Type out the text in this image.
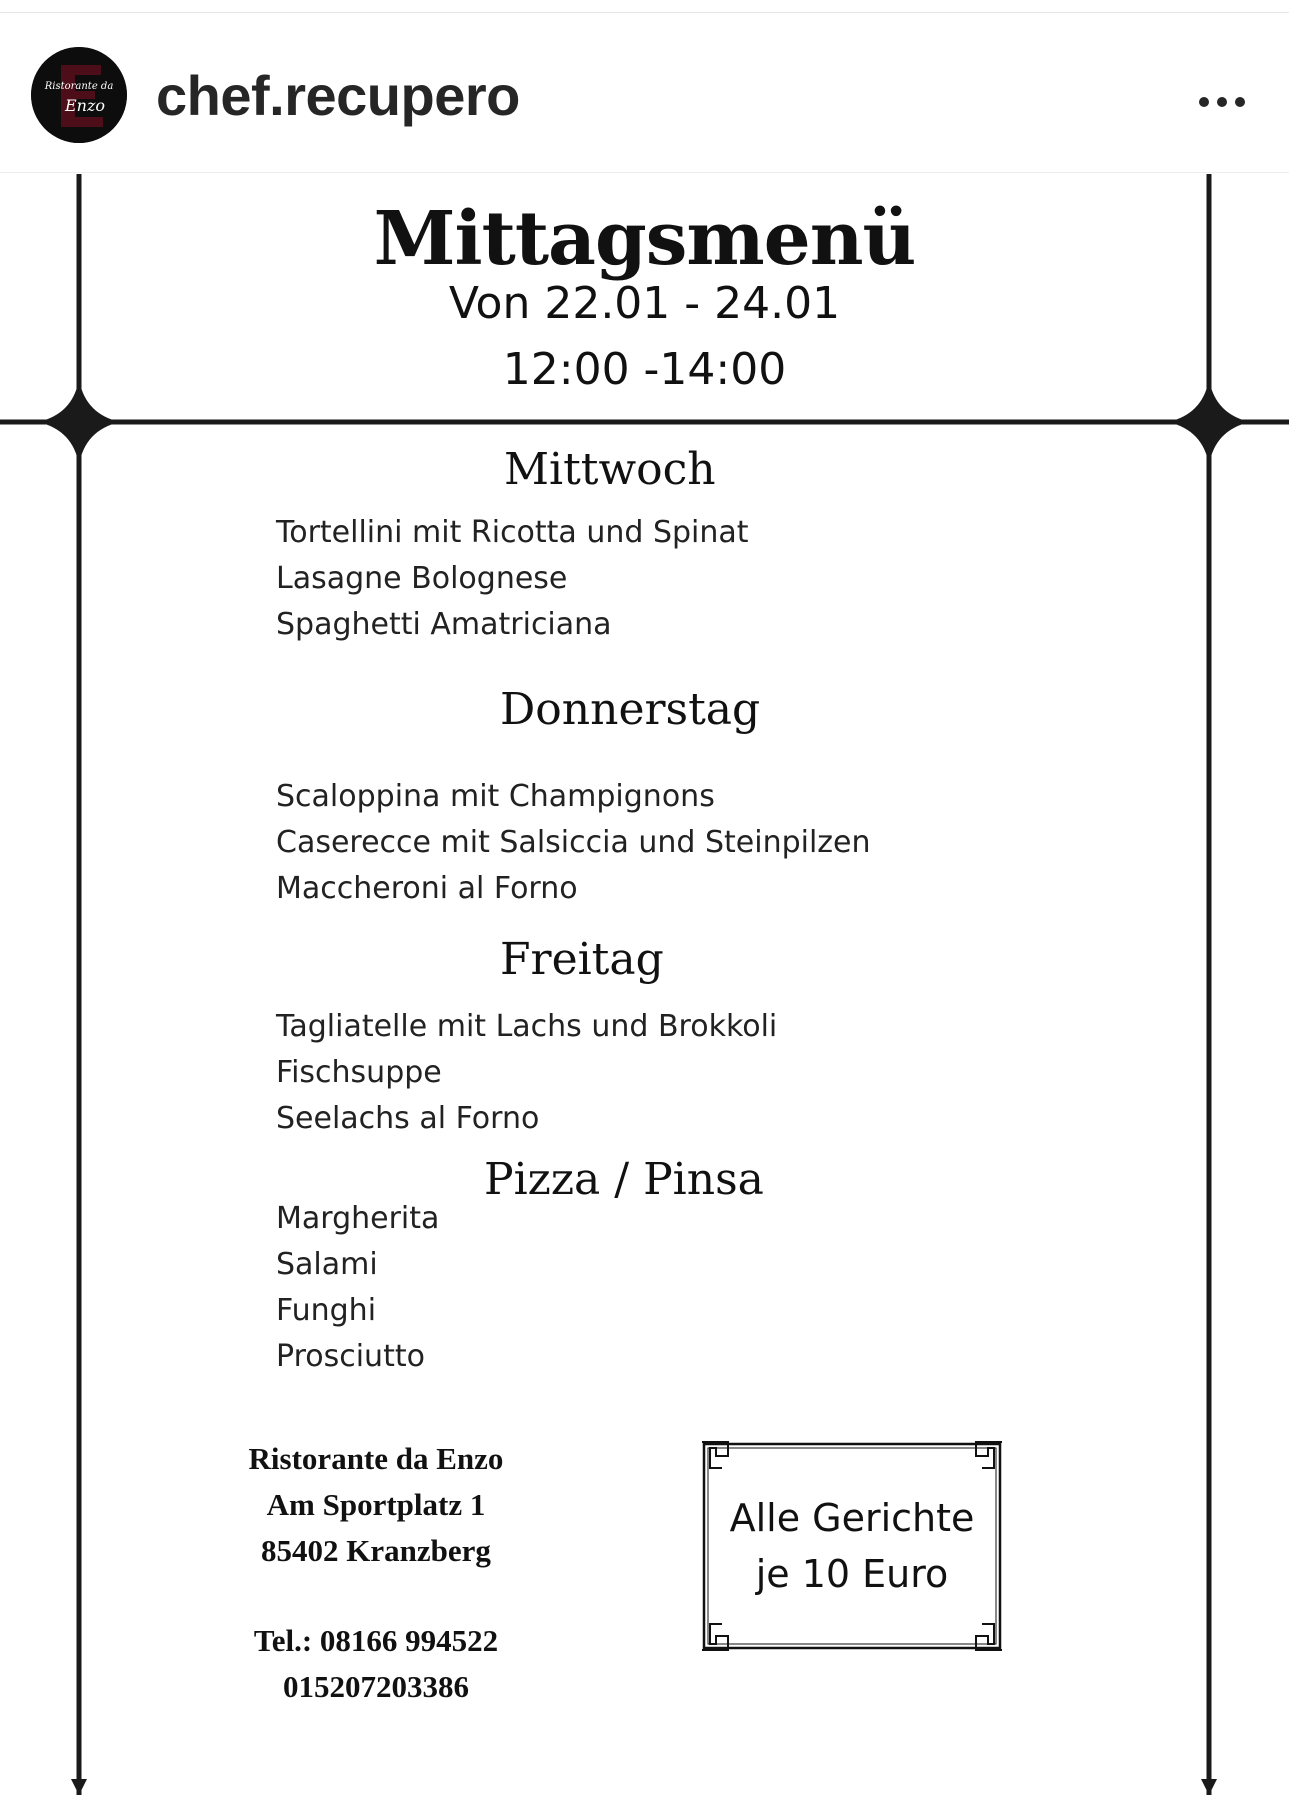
Ristorante da
Enzo chef.recupero
Mittagsmenü
Von 22.01 - 24.01
12:00 -14:00
Mittwoch
Tortellini mit Ricotta und Spinat
Lasagne Bolognese
Spaghetti Amatriciana
Donnerstag
Scaloppina mit Champignons
Caserecce mit Salsiccia und Steinpilzen
Maccheroni al Forno
Freitag
Tagliatelle mit Lachs und Brokkoli
Fischsuppe
Seelachs al Forno
Pizza / Pinsa
Margherita
Salami
Funghi
Prosciutto
Ristorante da Enzo
Am Sportplatz 1
85402 Kranzberg
Tel.: 08166 994522
015207203386
Alle Gerichte
je 10 Euro
